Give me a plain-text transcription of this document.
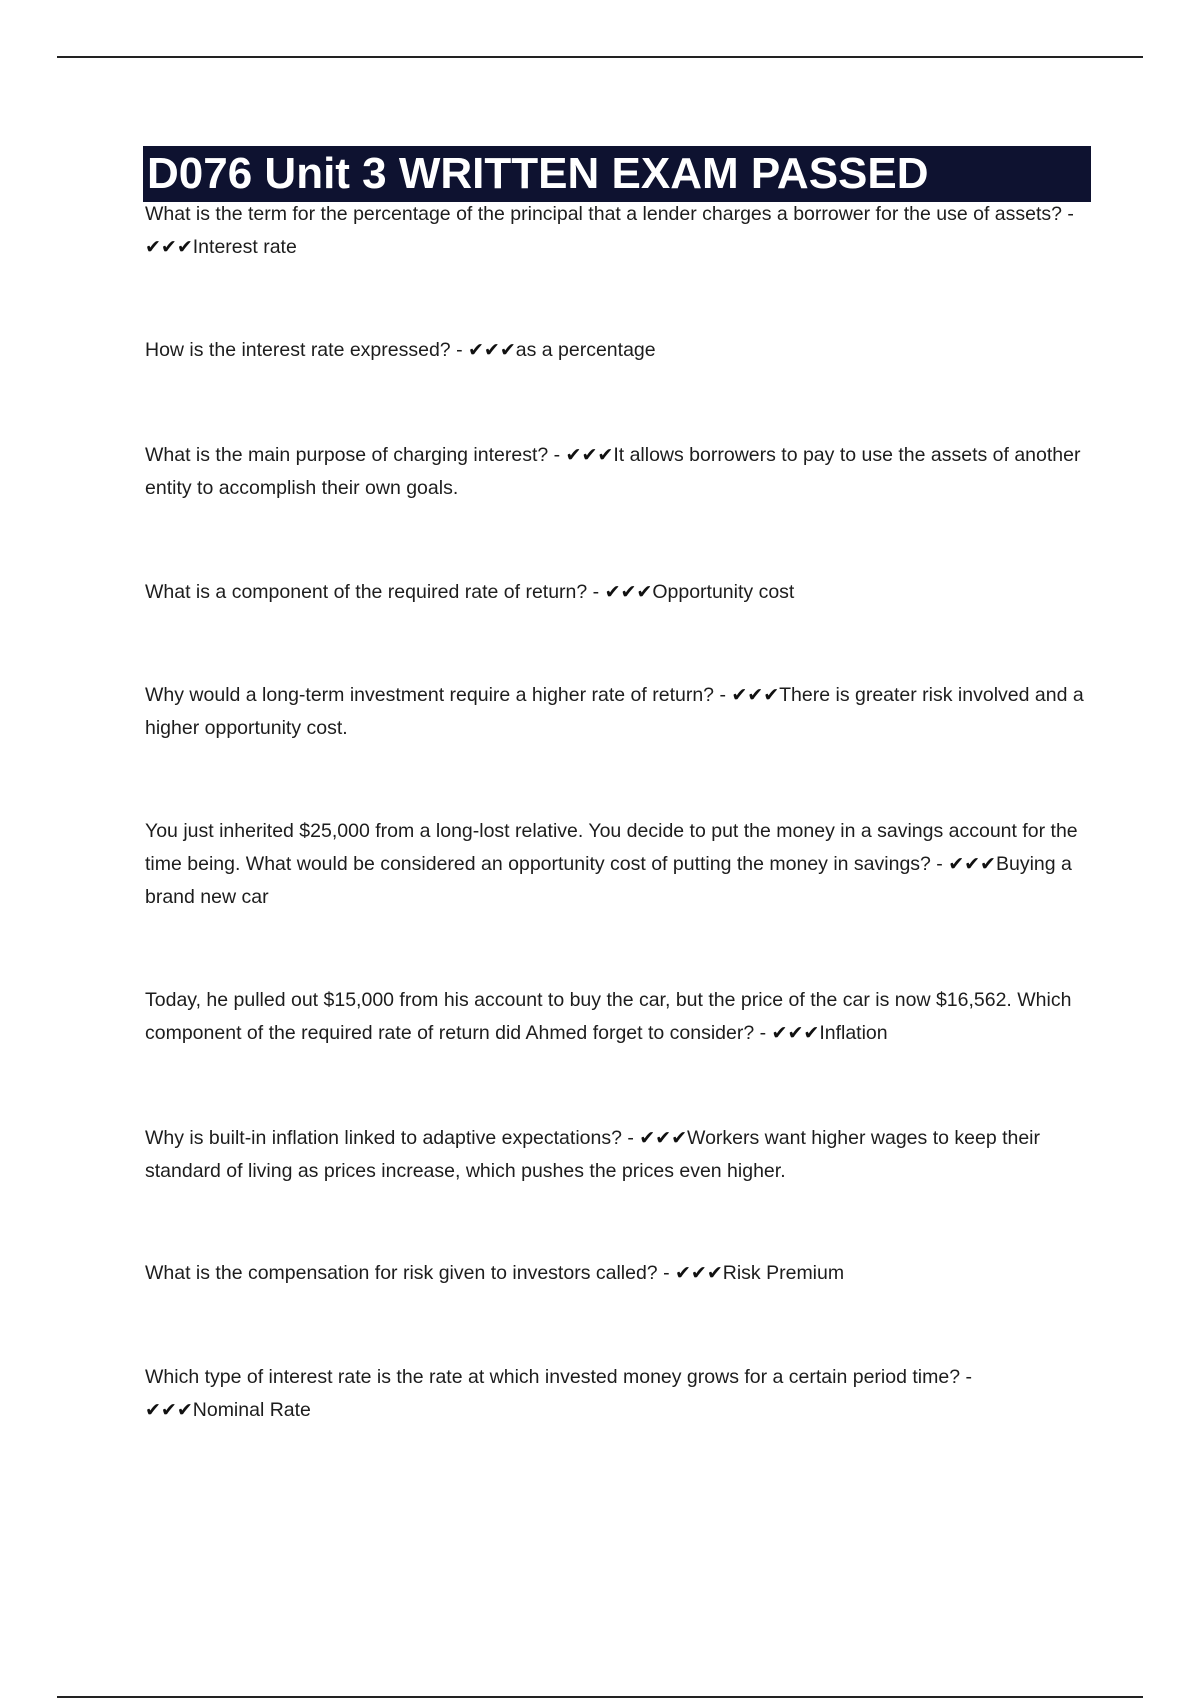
D076 Unit 3 WRITTEN EXAM PASSED

What is the term for the percentage of the principal that a lender charges a borrower for the use of assets? - ✔✔✔Interest rate

How is the interest rate expressed? - ✔✔✔as a percentage

What is the main purpose of charging interest? - ✔✔✔It allows borrowers to pay to use the assets of another entity to accomplish their own goals.

What is a component of the required rate of return? - ✔✔✔Opportunity cost

Why would a long-term investment require a higher rate of return? - ✔✔✔There is greater risk involved and a higher opportunity cost.

You just inherited $25,000 from a long-lost relative. You decide to put the money in a savings account for the time being. What would be considered an opportunity cost of putting the money in savings? - ✔✔✔Buying a brand new car

Today, he pulled out $15,000 from his account to buy the car, but the price of the car is now $16,562. Which component of the required rate of return did Ahmed forget to consider? - ✔✔✔Inflation

Why is built-in inflation linked to adaptive expectations? - ✔✔✔Workers want higher wages to keep their standard of living as prices increase, which pushes the prices even higher.

What is the compensation for risk given to investors called? - ✔✔✔Risk Premium

Which type of interest rate is the rate at which invested money grows for a certain period time? - ✔✔✔Nominal Rate
